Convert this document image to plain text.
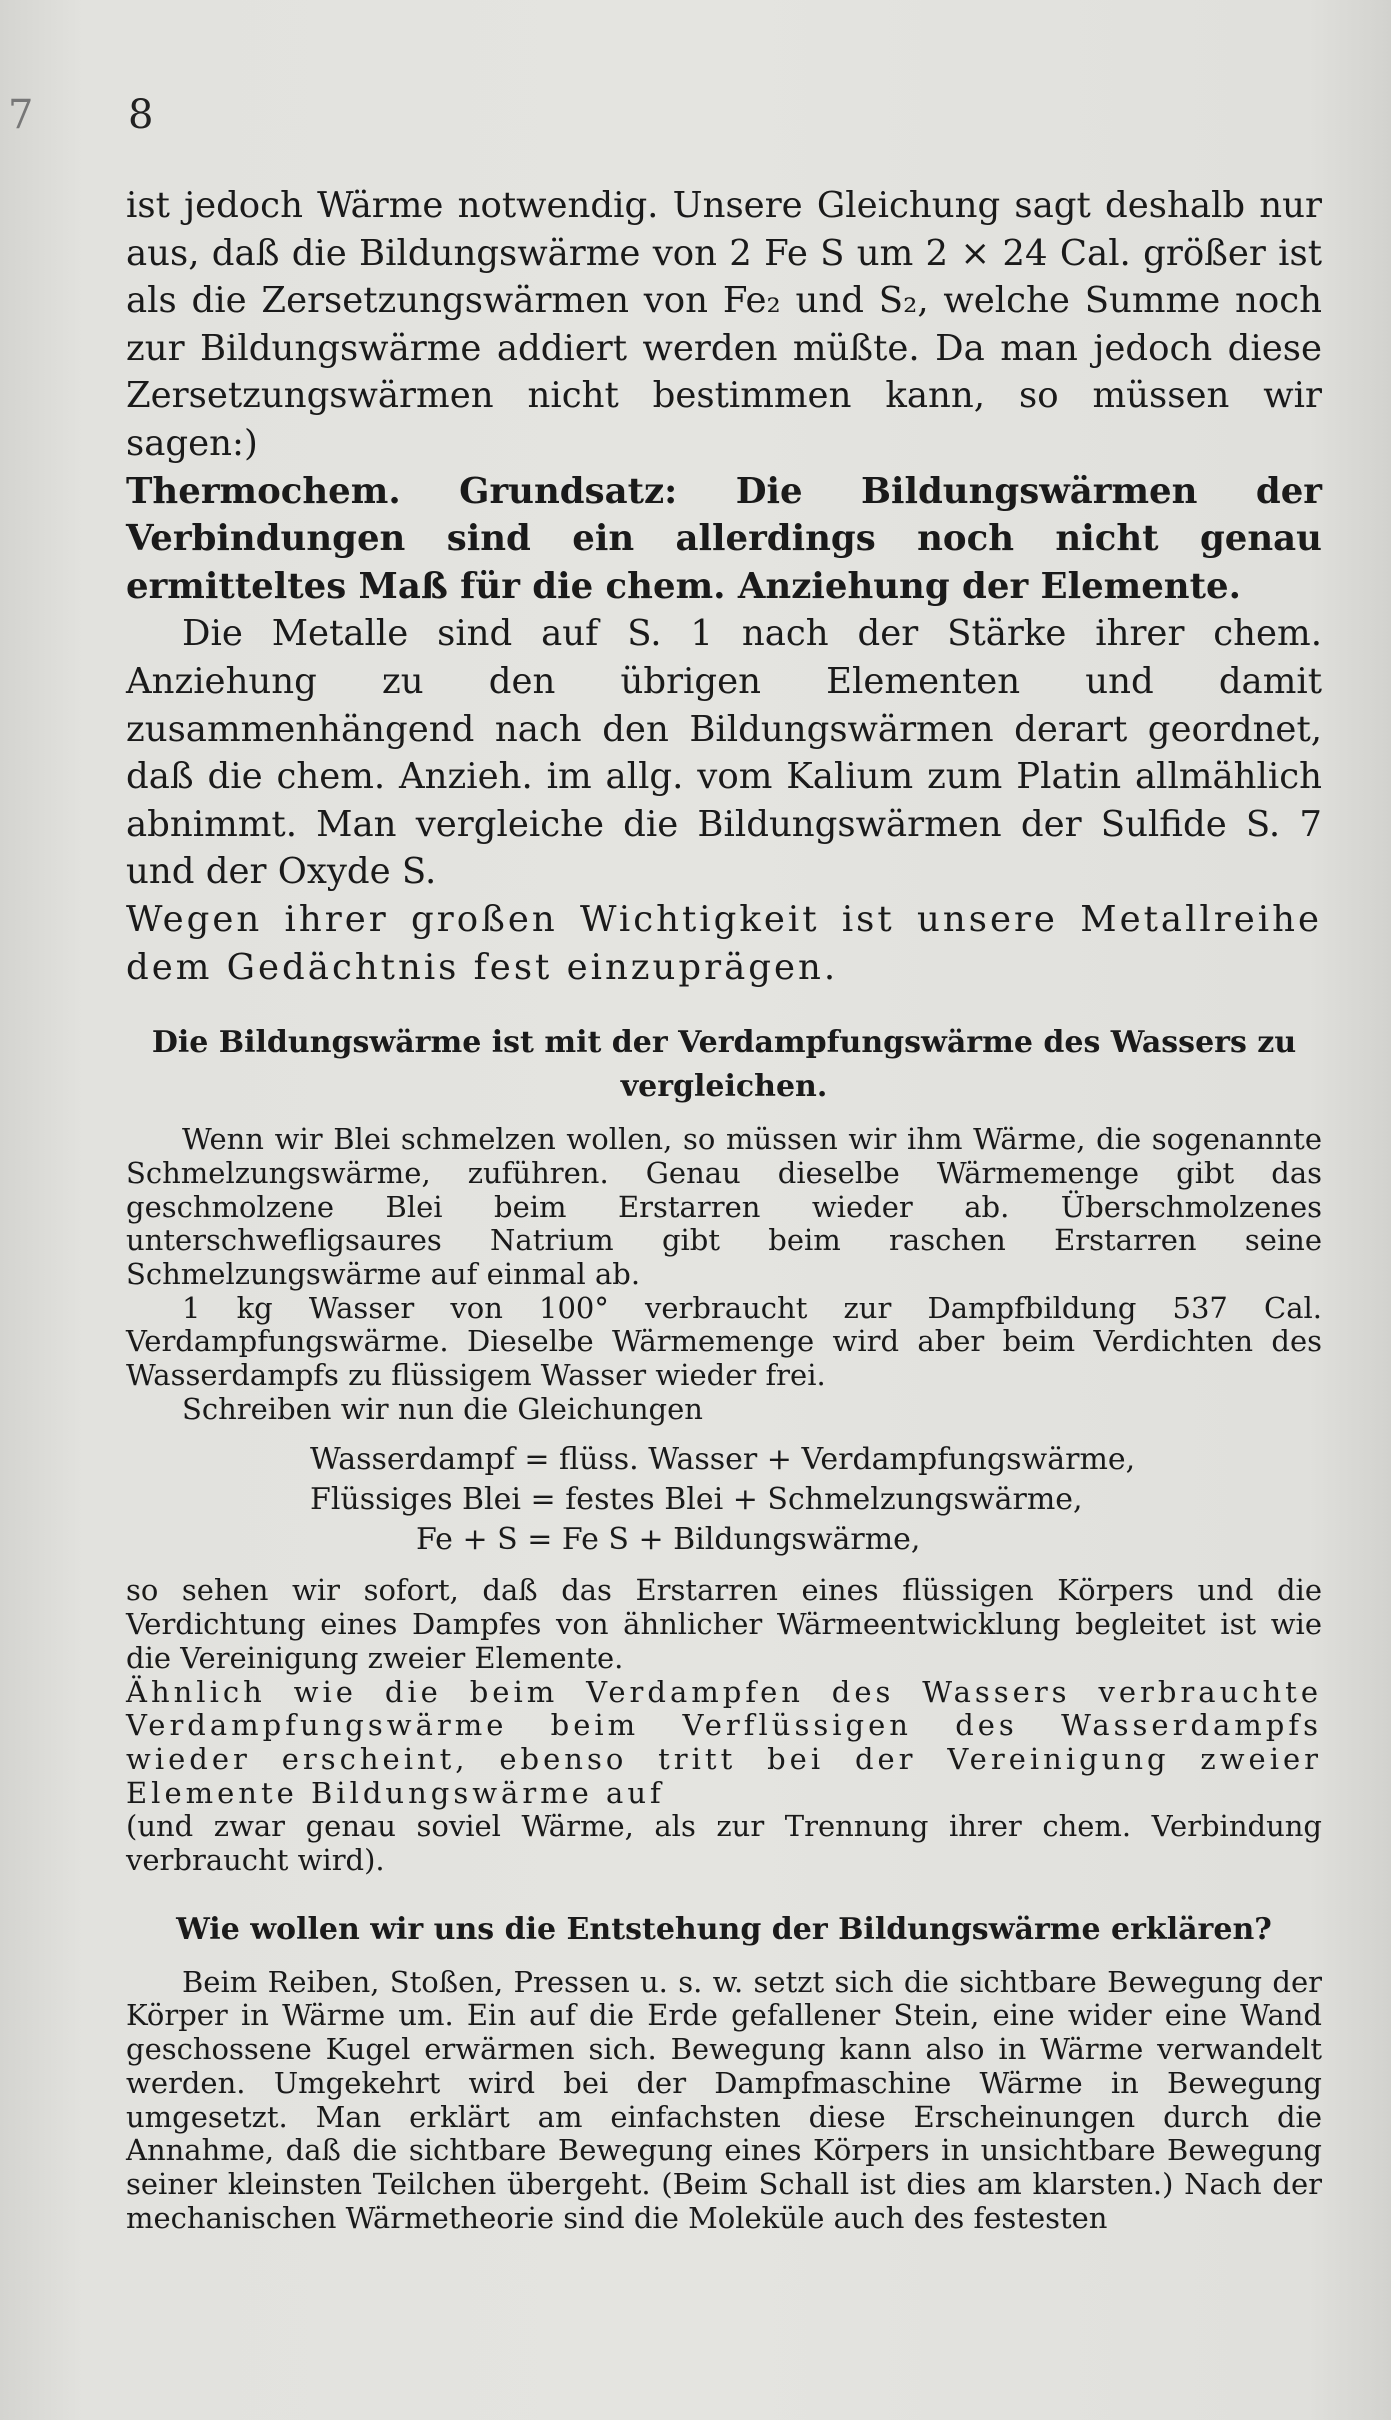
7 8

ist jedoch Wärme notwendig. Unsere Gleichung sagt deshalb nur aus, daß die Bildungswärme von 2 Fe S um 2 × 24 Cal. größer ist als die Zersetzungswärmen von Fe₂ und S₂, welche Summe noch zur Bildungswärme addiert werden müßte. Da man jedoch diese Zersetzungswärmen nicht bestimmen kann, so müssen wir sagen:)

Thermochem. Grundsatz: Die Bildungswärmen der Verbindungen sind ein allerdings noch nicht genau ermitteltes Maß für die chem. Anziehung der Elemente.

Die Metalle sind auf S. 1 nach der Stärke ihrer chem. Anziehung zu den übrigen Elementen und damit zusammenhängend nach den Bildungswärmen derart geordnet, daß die chem. Anzieh. im allg. vom Kalium zum Platin allmählich abnimmt. Man vergleiche die Bildungswärmen der Sulfide S. 7 und der Oxyde S.

Wegen ihrer großen Wichtigkeit ist unsere Metallreihe dem Gedächtnis fest einzuprägen.

Die Bildungswärme ist mit der Verdampfungswärme des Wassers zu vergleichen.

Wenn wir Blei schmelzen wollen, so müssen wir ihm Wärme, die sogenannte Schmelzungswärme, zuführen. Genau dieselbe Wärmemenge gibt das geschmolzene Blei beim Erstarren wieder ab. Überschmolzenes unterschwefligsaures Natrium gibt beim raschen Erstarren seine Schmelzungswärme auf einmal ab.

1 kg Wasser von 100° verbraucht zur Dampfbildung 537 Cal. Verdampfungswärme. Dieselbe Wärmemenge wird aber beim Verdichten des Wasserdampfs zu flüssigem Wasser wieder frei.

Schreiben wir nun die Gleichungen

Wasserdampf = flüss. Wasser + Verdampfungswärme,

Flüssiges Blei = festes Blei + Schmelzungswärme,

Fe + S = Fe S + Bildungswärme,

so sehen wir sofort, daß das Erstarren eines flüssigen Körpers und die Verdichtung eines Dampfes von ähnlicher Wärmeentwicklung begleitet ist wie die Vereinigung zweier Elemente.

Ähnlich wie die beim Verdampfen des Wassers verbrauchte Verdampfungswärme beim Verflüssigen des Wasserdampfs wieder erscheint, ebenso tritt bei der Vereinigung zweier Elemente Bildungswärme auf

(und zwar genau soviel Wärme, als zur Trennung ihrer chem. Verbindung verbraucht wird).

Wie wollen wir uns die Entstehung der Bildungswärme erklären?

Beim Reiben, Stoßen, Pressen u. s. w. setzt sich die sichtbare Bewegung der Körper in Wärme um. Ein auf die Erde gefallener Stein, eine wider eine Wand geschossene Kugel erwärmen sich. Bewegung kann also in Wärme verwandelt werden. Umgekehrt wird bei der Dampfmaschine Wärme in Bewegung umgesetzt. Man erklärt am einfachsten diese Erscheinungen durch die Annahme, daß die sichtbare Bewegung eines Körpers in unsichtbare Bewegung seiner kleinsten Teilchen übergeht. (Beim Schall ist dies am klarsten.) Nach der mechanischen Wärmetheorie sind die Moleküle auch des festesten
